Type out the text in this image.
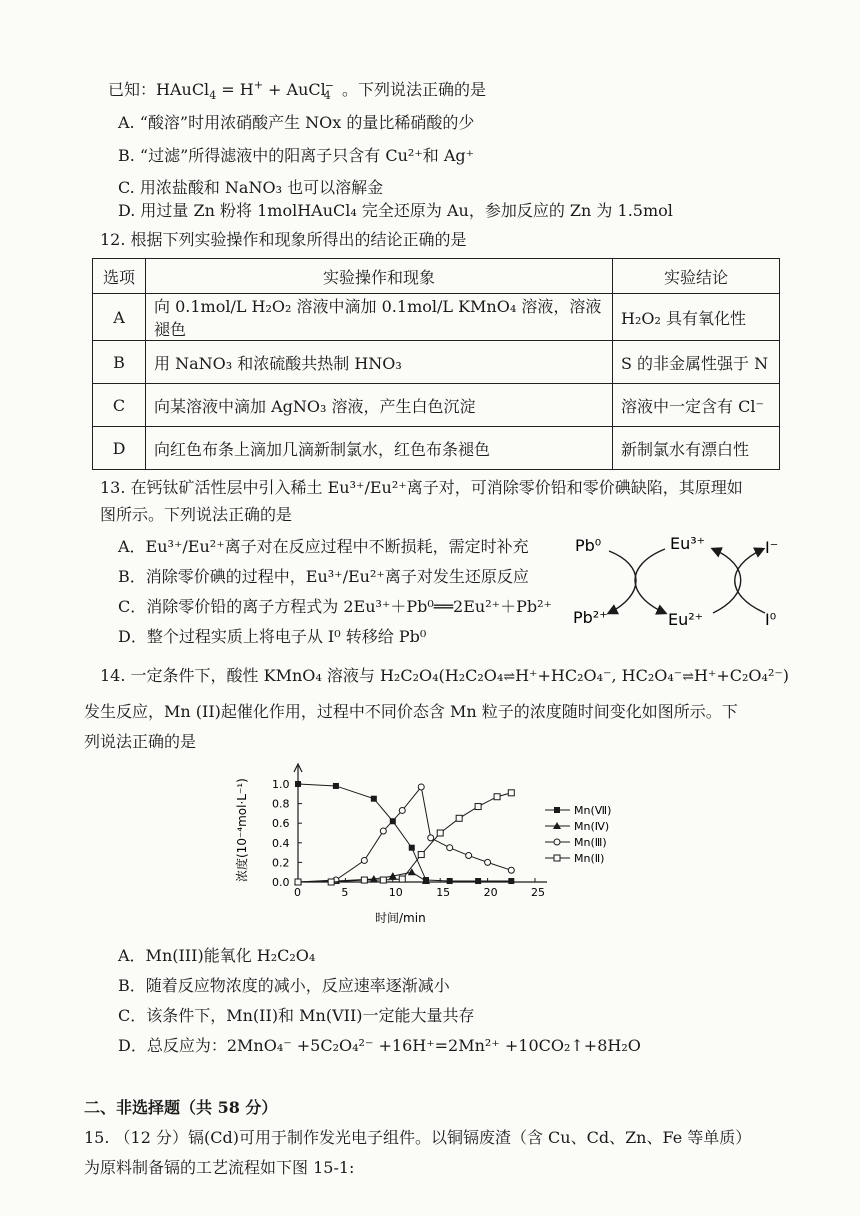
已知：HAuCl$_4$ = H+ + AuCl$_4$− 。下列说法正确的是
A. “酸溶”时用浓硝酸产生 NOx 的量比稀硝酸的少
B. “过滤”所得滤液中的阳离子只含有 Cu²⁺和 Ag⁺
C. 用浓盐酸和 NaNO₃ 也可以溶解金
D. 用过量 Zn 粉将 1molHAuCl₄ 完全还原为 Au，参加反应的 Zn 为 1.5mol
12. 根据下列实验操作和现象所得出的结论正确的是
选项	实验操作和现象	实验结论
A	向 0.1mol/L H₂O₂ 溶液中滴加 0.1mol/L KMnO₄ 溶液，溶液褪色	H₂O₂ 具有氧化性
B	用 NaNO₃ 和浓硫酸共热制 HNO₃	S 的非金属性强于 N
C	向某溶液中滴加 AgNO₃ 溶液，产生白色沉淀	溶液中一定含有 Cl⁻
D	向红色布条上滴加几滴新制氯水，红色布条褪色	新制氯水有漂白性
13. 在钙钛矿活性层中引入稀土 Eu³⁺/Eu²⁺离子对，可消除零价铅和零价碘缺陷，其原理如
图所示。下列说法正确的是
A．Eu³⁺/Eu²⁺离子对在反应过程中不断损耗，需定时补充
B．消除零价碘的过程中，Eu³⁺/Eu²⁺离子对发生还原反应
C．消除零价铅的离子方程式为 2Eu³⁺＋Pb⁰══2Eu²⁺＋Pb²⁺
D．整个过程实质上将电子从 I⁰ 转移给 Pb⁰
Pb⁰	Eu³⁺	I⁻
Pb²⁺	Eu²⁺	I⁰
14. 一定条件下，酸性 KMnO₄ 溶液与 H₂C₂O₄(H₂C₂O₄⇌H⁺+HC₂O₄⁻, HC₂O₄⁻⇌H⁺+C₂O₄²⁻)
发生反应，Mn (II)起催化作用，过程中不同价态含 Mn 粒子的浓度随时间变化如图所示。下
列说法正确的是
0	5	10	15	20	25
0.0
0.2
0.4
0.6
0.8
1.0
Mn(Ⅶ)
Mn(Ⅳ)
Mn(Ⅲ)
Mn(Ⅱ)
时间/min
浓度(10⁻⁴mol·L⁻¹)
A．Mn(III)能氧化 H₂C₂O₄
B．随着反应物浓度的减小，反应速率逐渐减小
C．该条件下，Mn(II)和 Mn(VII)一定能大量共存
D．总反应为：2MnO₄⁻ +5C₂O₄²⁻ +16H⁺=2Mn²⁺ +10CO₂↑+8H₂O
二、非选择题（共 58 分）
15. （12 分）镉(Cd)可用于制作发光电子组件。以铜镉废渣（含 Cu、Cd、Zn、Fe 等单质）
为原料制备镉的工艺流程如下图 15-1:
